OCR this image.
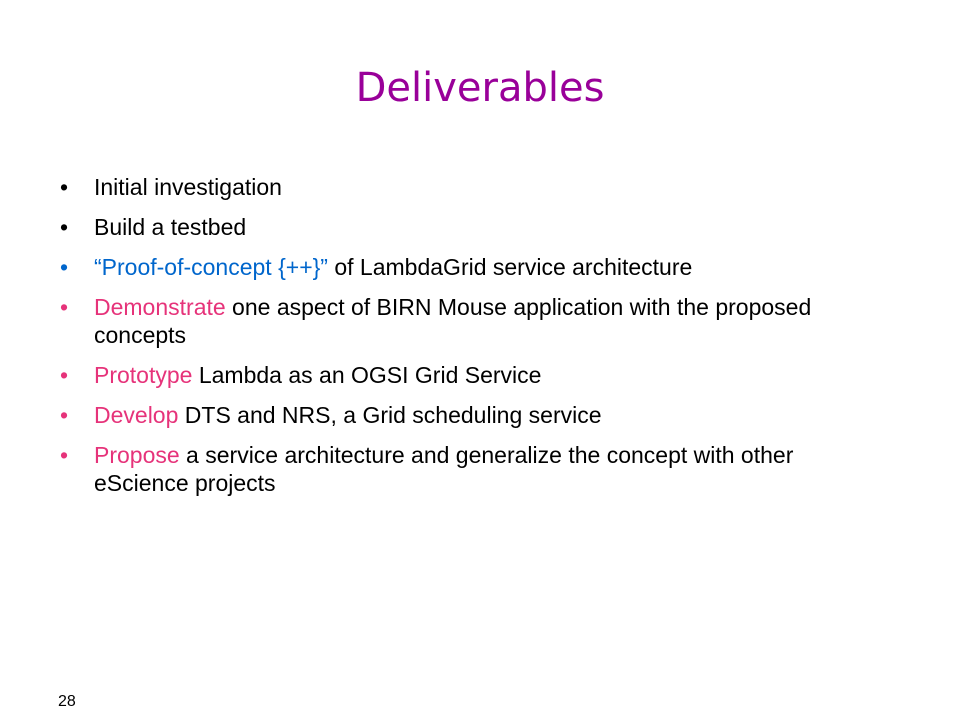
Deliverables
•	Initial investigation
•	Build a testbed
•	“Proof-of-concept {++}” of LambdaGrid service architecture
•	Demonstrate one aspect of BIRN Mouse application with the proposed concepts
•	Prototype Lambda as an OGSI Grid Service
•	Develop DTS and NRS, a Grid scheduling service
•	Propose a service architecture and generalize the concept with other eScience projects
28
